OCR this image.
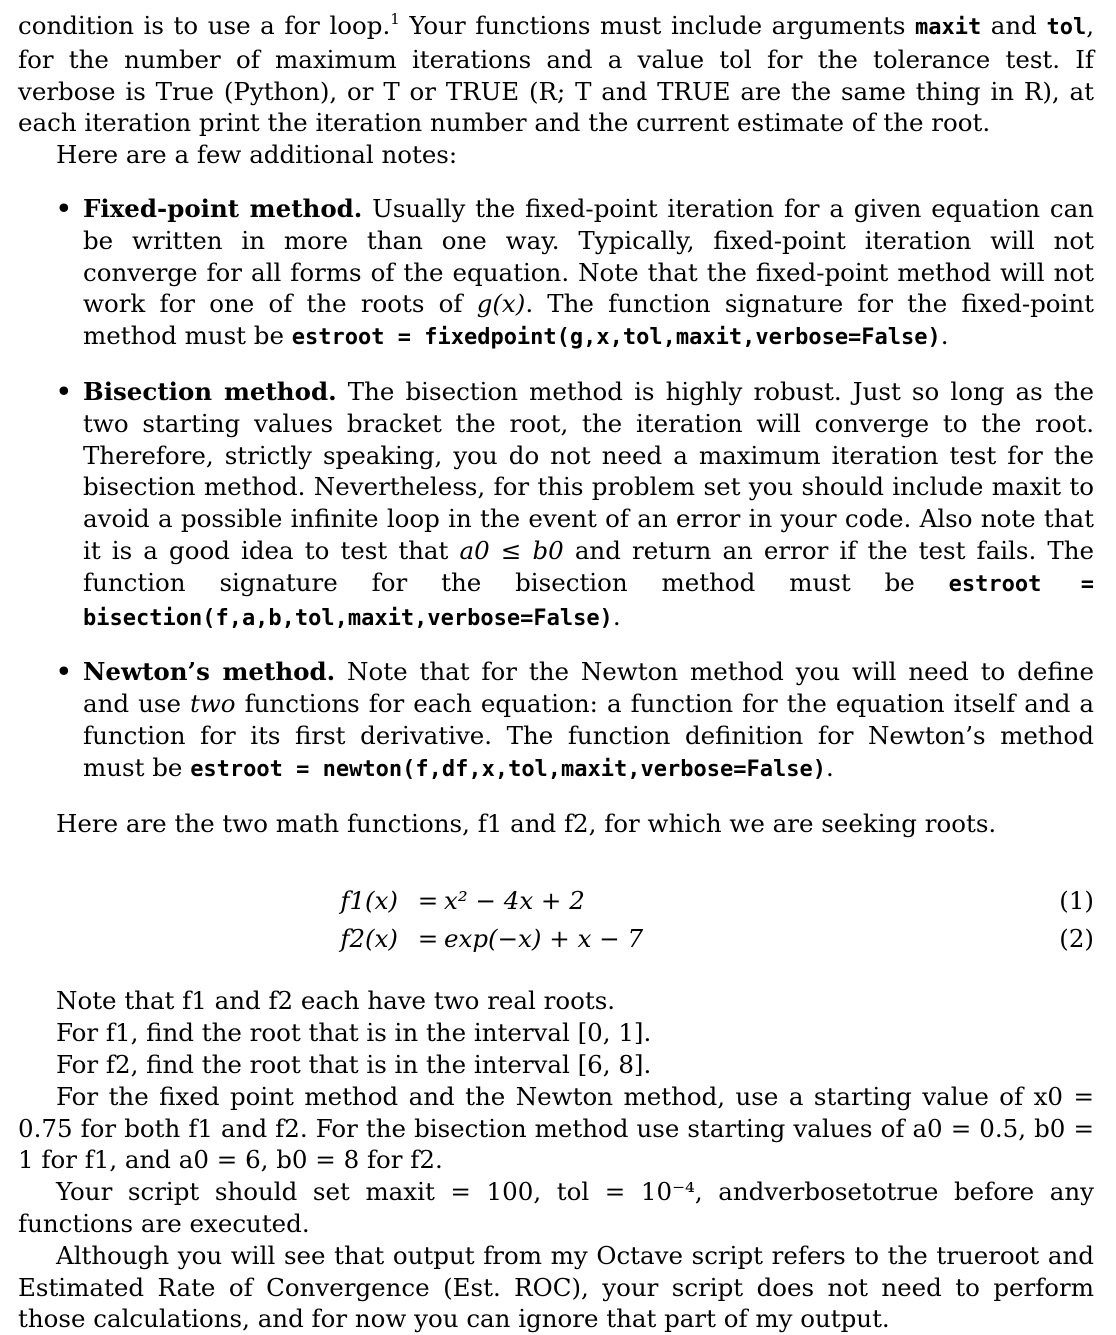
condition is to use a for loop.$^1$ Your functions must include arguments maxit and tol, for the number of maximum iterations and a value tol for the tolerance test. If verbose is True (Python), or T or TRUE (R; T and TRUE are the same thing in R), at each iteration print the iteration number and the current estimate of the root.

Here are a few additional notes:

• Fixed-point method. Usually the fixed-point iteration for a given equation can be written in more than one way. Typically, fixed-point iteration will not converge for all forms of the equation. Note that the fixed-point method will not work for one of the roots of g(x). The function signature for the fixed-point method must be estroot = fixedpoint(g,x,tol,maxit,verbose=False).

• Bisection method. The bisection method is highly robust. Just so long as the two starting values bracket the root, the iteration will converge to the root. Therefore, strictly speaking, you do not need a maximum iteration test for the bisection method. Nevertheless, for this problem set you should include maxit to avoid a possible infinite loop in the event of an error in your code. Also note that it is a good idea to test that a0 ≤ b0 and return an error if the test fails. The function signature for the bisection method must be estroot = bisection(f,a,b,tol,maxit,verbose=False).

• Newton’s method. Note that for the Newton method you will need to define and use two functions for each equation: a function for the equation itself and a function for its first derivative. The function definition for Newton’s method must be estroot = newton(f,df,x,tol,maxit,verbose=False).

Here are the two math functions, f1 and f2, for which we are seeking roots.

f1(x) = x² − 4x + 2	(1)
f2(x) = exp(−x) + x − 7	(2)

Note that f1 and f2 each have two real roots.

For f1, find the root that is in the interval [0, 1].

For f2, find the root that is in the interval [6, 8].

For the fixed point method and the Newton method, use a starting value of x0 = 0.75 for both f1 and f2. For the bisection method use starting values of a0 = 0.5, b0 = 1 for f1, and a0 = 6, b0 = 8 for f2.

Your script should set maxit = 100, tol = 10⁻⁴, andverbosetotrue before any functions are executed.

Although you will see that output from my Octave script refers to the trueroot and Estimated Rate of Convergence (Est. ROC), your script does not need to perform those calculations, and for now you can ignore that part of my output.
